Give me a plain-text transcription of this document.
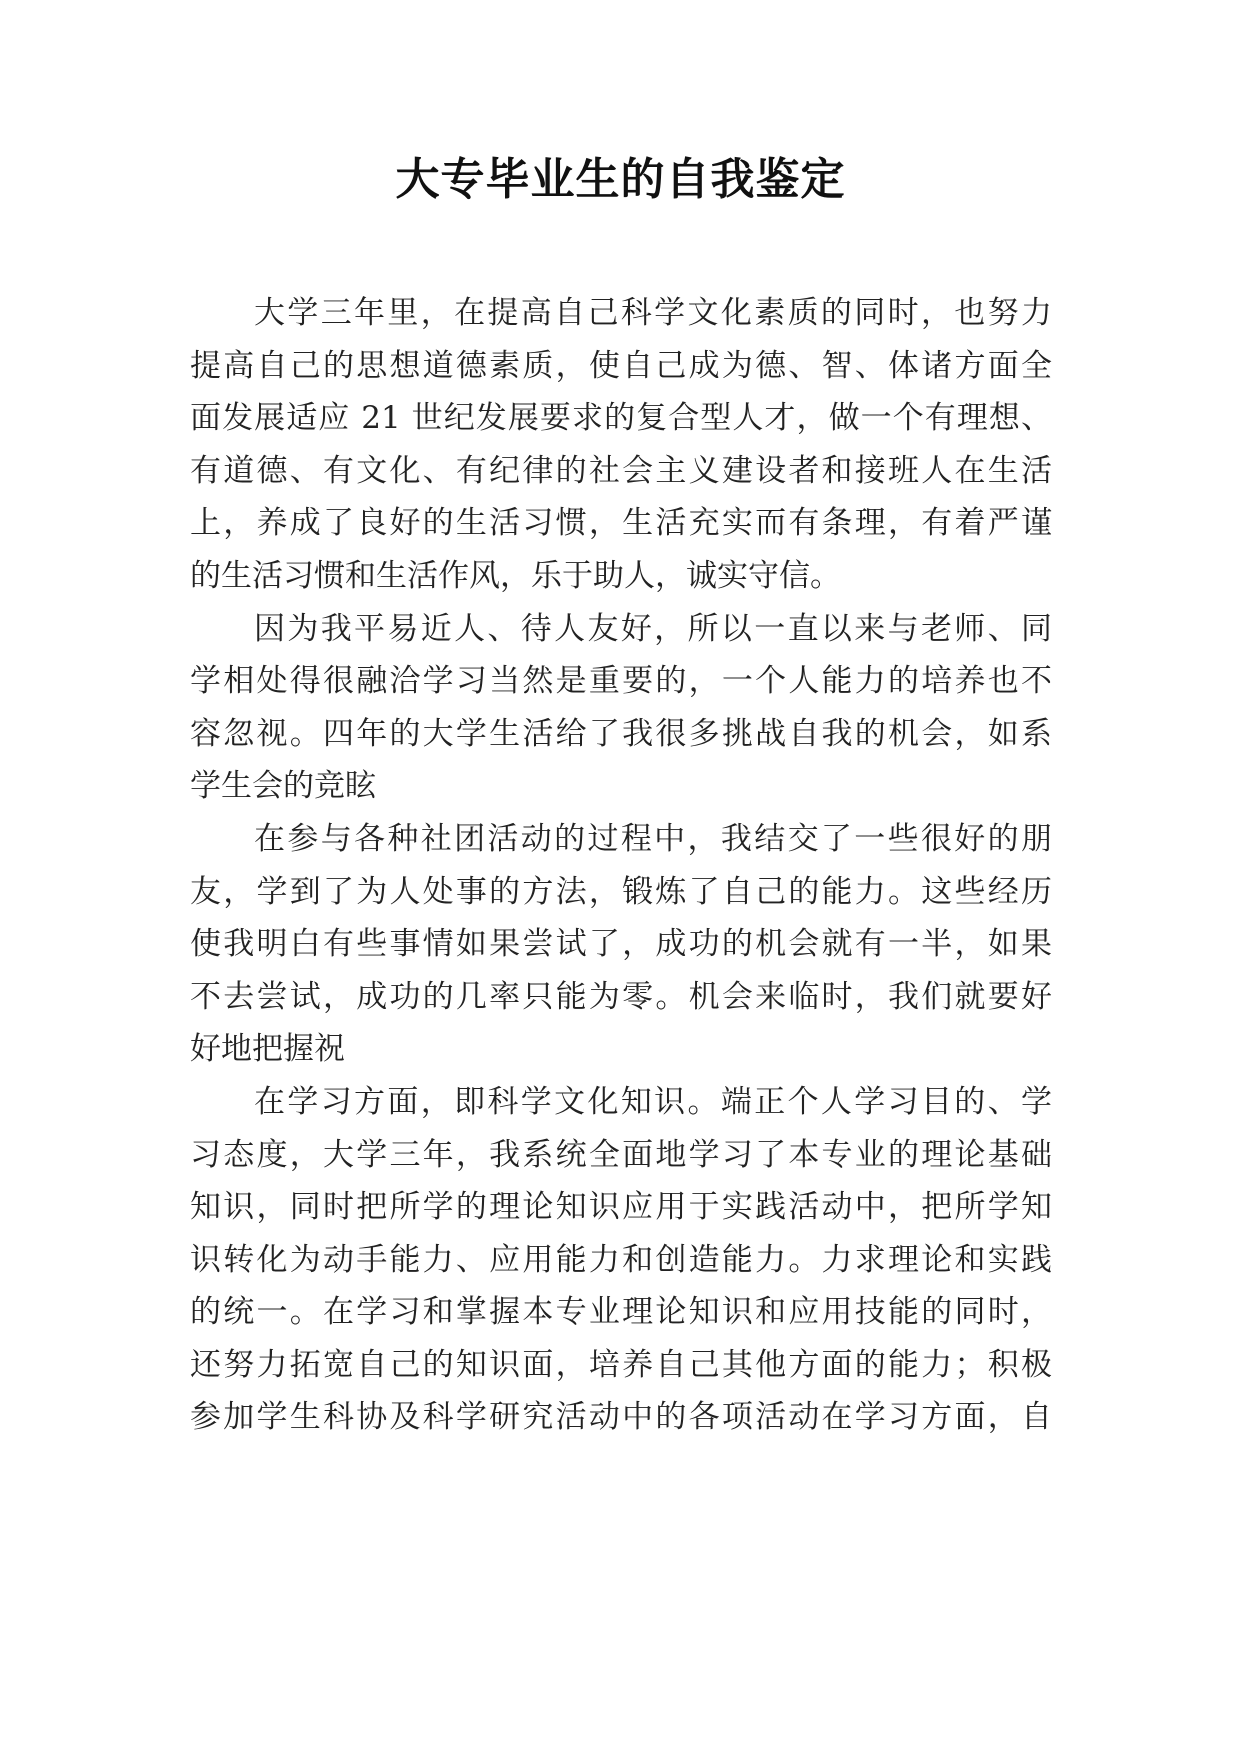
大专毕业生的自我鉴定
大学三年里，在提高自己科学文化素质的同时，也努力
提高自己的思想道德素质，使自己成为德、智、体诸方面全
面发展适应 21 世纪发展要求的复合型人才，做一个有理想、
有道德、有文化、有纪律的社会主义建设者和接班人在生活
上，养成了良好的生活习惯，生活充实而有条理，有着严谨
的生活习惯和生活作风，乐于助人，诚实守信。
因为我平易近人、待人友好，所以一直以来与老师、同
学相处得很融洽学习当然是重要的，一个人能力的培养也不
容忽视。四年的大学生活给了我很多挑战自我的机会，如系
学生会的竞眩
在参与各种社团活动的过程中，我结交了一些很好的朋
友，学到了为人处事的方法，锻炼了自己的能力。这些经历
使我明白有些事情如果尝试了，成功的机会就有一半，如果
不去尝试，成功的几率只能为零。机会来临时，我们就要好
好地把握祝
在学习方面，即科学文化知识。端正个人学习目的、学
习态度，大学三年，我系统全面地学习了本专业的理论基础
知识，同时把所学的理论知识应用于实践活动中，把所学知
识转化为动手能力、应用能力和创造能力。力求理论和实践
的统一。在学习和掌握本专业理论知识和应用技能的同时，
还努力拓宽自己的知识面，培养自己其他方面的能力；积极
参加学生科协及科学研究活动中的各项活动在学习方面，自
